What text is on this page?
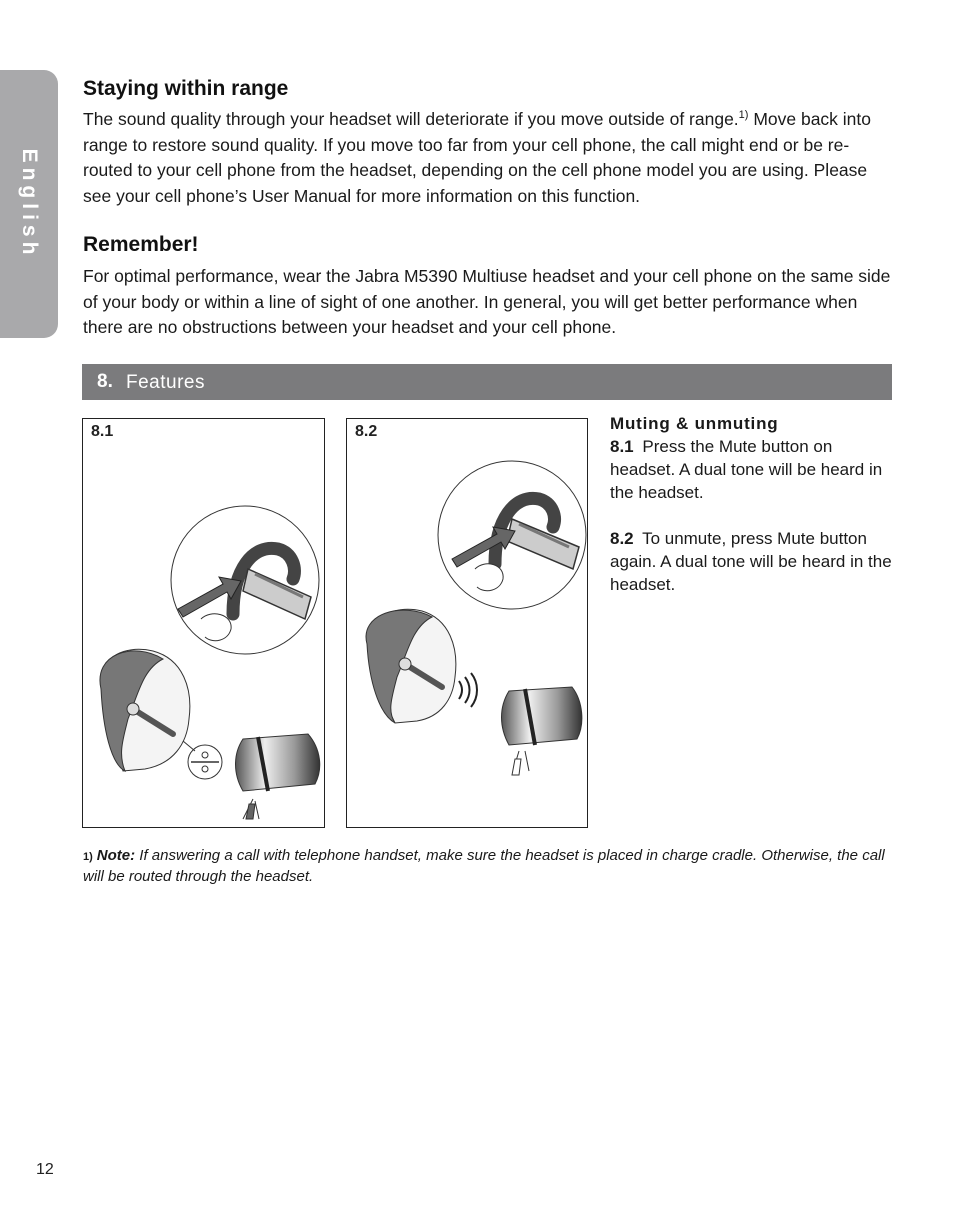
English
Staying within range

The sound quality through your headset will deteriorate if you move outside of range.$^{1)}$ Move back into range to restore sound quality. If you move too far from your cell phone, the call might end or be re-routed to your cell phone from the headset, depending on the cell phone model you are using. Please see your cell phone’s User Manual for more information on this function.

Remember!

For optimal performance, wear the Jabra M5390 Multiuse headset and your cell phone on the same side of your body or within a line of sight of one another. In general, you will get better performance when there are no obstructions between your headset and your cell phone.

8. Features
8.1	8.2	Muting & unmuting

8.1 Press the Mute button on headset. A dual tone will be heard in the headset.

8.2 To unmute, press Mute button again. A dual tone will be heard in the headset.

1) Note: If answering a call with telephone handset, make sure the headset is placed in charge cradle. Otherwise, the call will be routed through the headset.
12
